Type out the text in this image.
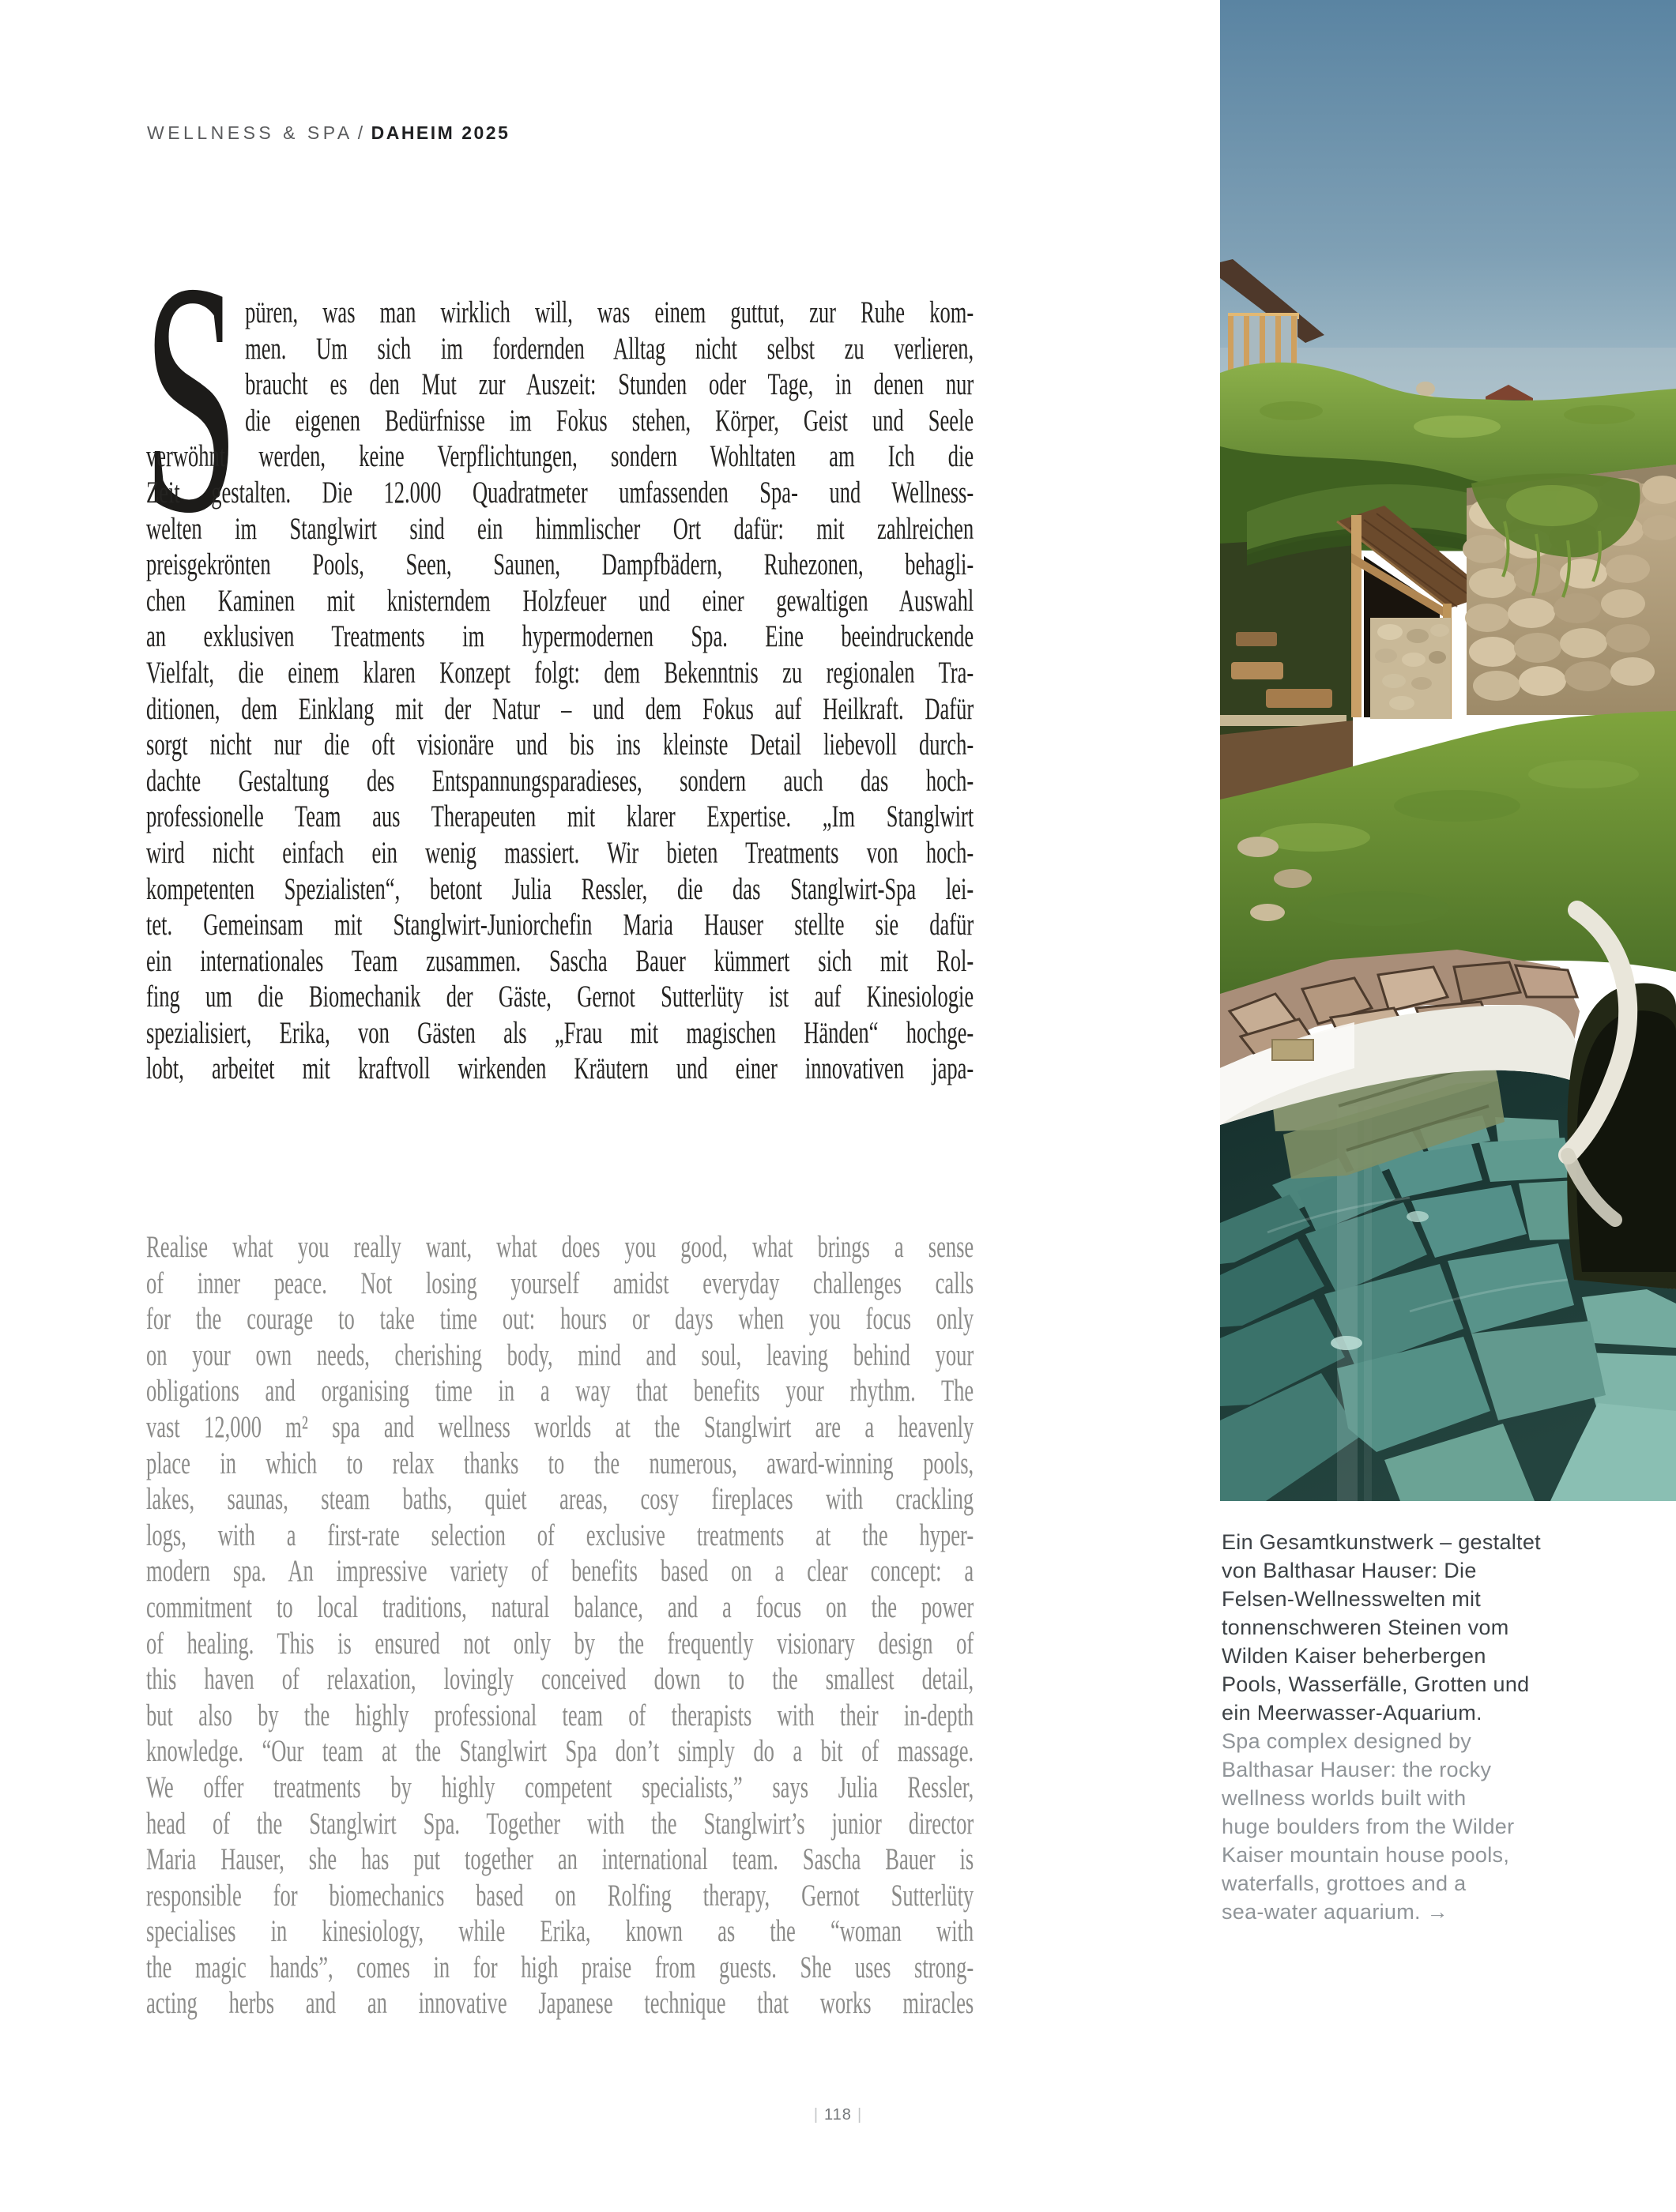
WELLNESS & SPA / DAHEIM 2025
S püren, was man wirklich will, was einem guttut, zur Ruhe kom-
men. Um sich im fordernden Alltag nicht selbst zu verlieren,
braucht es den Mut zur Auszeit: Stunden oder Tage, in denen nur
die eigenen Bedürfnisse im Fokus stehen, Körper, Geist und Seele
verwöhnt werden, keine Verpflichtungen, sondern Wohltaten am Ich die
Zeit gestalten. Die 12.000 Quadratmeter umfassenden Spa- und Wellness-
welten im Stanglwirt sind ein himmlischer Ort dafür: mit zahlreichen
preisgekrönten Pools, Seen, Saunen, Dampfbädern, Ruhezonen, behagli-
chen Kaminen mit knisterndem Holzfeuer und einer gewaltigen Auswahl
an exklusiven Treatments im hypermodernen Spa. Eine beeindruckende
Vielfalt, die einem klaren Konzept folgt: dem Bekenntnis zu regionalen Tra-
ditionen, dem Einklang mit der Natur – und dem Fokus auf Heilkraft. Dafür
sorgt nicht nur die oft visionäre und bis ins kleinste Detail liebevoll durch-
dachte Gestaltung des Entspannungsparadieses, sondern auch das hoch-
professionelle Team aus Therapeuten mit klarer Expertise. „Im Stanglwirt
wird nicht einfach ein wenig massiert. Wir bieten Treatments von hoch-
kompetenten Spezialisten“, betont Julia Ressler, die das Stanglwirt-Spa lei-
tet. Gemeinsam mit Stanglwirt-Juniorchefin Maria Hauser stellte sie dafür
ein internationales Team zusammen. Sascha Bauer kümmert sich mit Rol-
fing um die Biomechanik der Gäste, Gernot Sutterlüty ist auf Kinesiologie
spezialisiert, Erika, von Gästen als „Frau mit magischen Händen“ hochge-
lobt, arbeitet mit kraftvoll wirkenden Kräutern und einer innovativen japa-
Realise what you really want, what does you good, what brings a sense
of inner peace. Not losing yourself amidst everyday challenges calls
for the courage to take time out: hours or days when you focus only
on your own needs, cherishing body, mind and soul, leaving behind your
obligations and organising time in a way that benefits your rhythm. The
vast 12,000 m² spa and wellness worlds at the Stanglwirt are a heavenly
place in which to relax thanks to the numerous, award-winning pools,
lakes, saunas, steam baths, quiet areas, cosy fireplaces with crackling
logs, with a first-rate selection of exclusive treatments at the hyper-
modern spa. An impressive variety of benefits based on a clear concept: a
commitment to local traditions, natural balance, and a focus on the power
of healing. This is ensured not only by the frequently visionary design of
this haven of relaxation, lovingly conceived down to the smallest detail,
but also by the highly professional team of therapists with their in-depth
knowledge. “Our team at the Stanglwirt Spa don’t simply do a bit of massage.
We offer treatments by highly competent specialists,” says Julia Ressler,
head of the Stanglwirt Spa. Together with the Stanglwirt’s junior director
Maria Hauser, she has put together an international team. Sascha Bauer is
responsible for biomechanics based on Rolfing therapy, Gernot Sutterlüty
specialises in kinesiology, while Erika, known as the “woman with
the magic hands”, comes in for high praise from guests. She uses strong-
acting herbs and an innovative Japanese technique that works miracles
Ein Gesamtkunstwerk – gestaltet
von Balthasar Hauser: Die
Felsen-Wellnesswelten mit
tonnenschweren Steinen vom
Wilden Kaiser beherbergen
Pools, Wasserfälle, Grotten und
ein Meerwasser-Aquarium.
Spa complex designed by
Balthasar Hauser: the rocky
wellness worlds built with
huge boulders from the Wilder
Kaiser mountain house pools,
waterfalls, grottoes and a
sea-water aquarium. →
| 118 |
